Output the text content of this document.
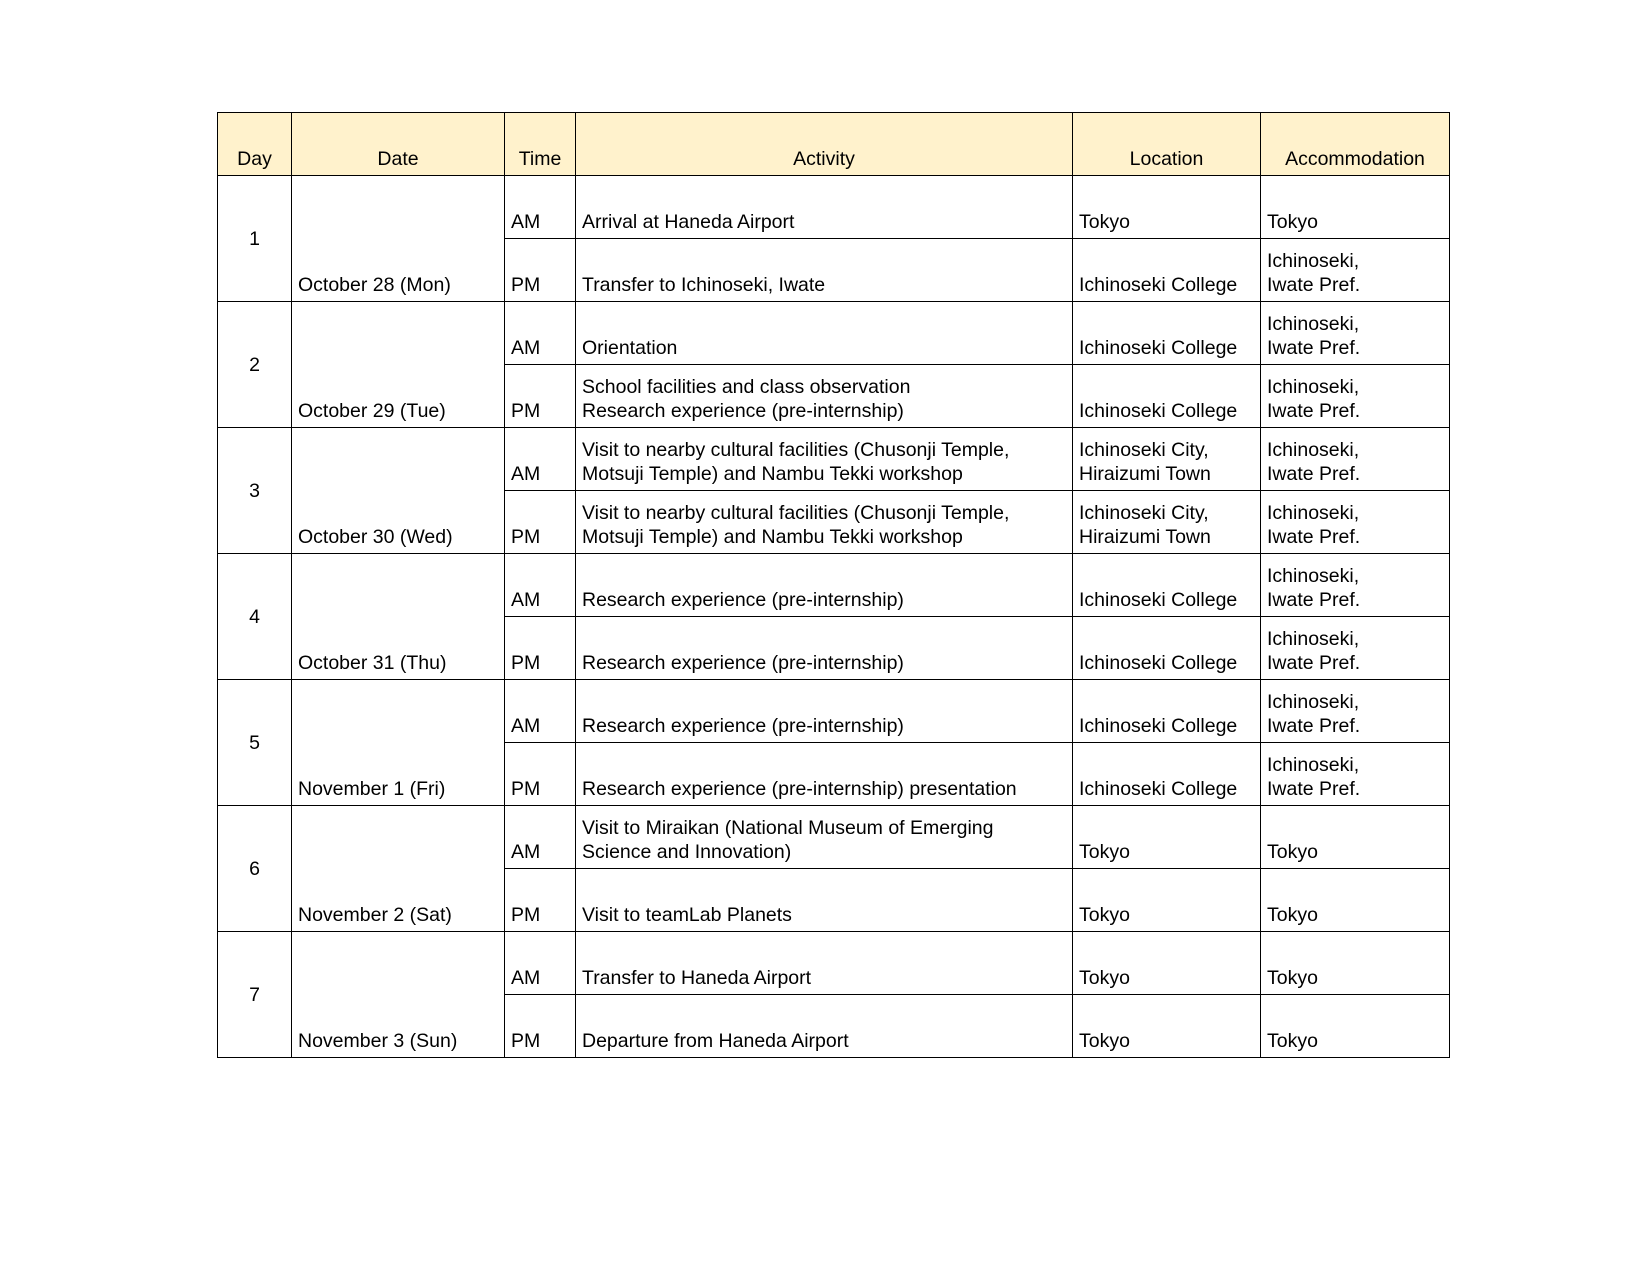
Day	Date	Time	Activity	Location	Accommodation
1	October 28 (Mon)	AM	Arrival at Haneda Airport	Tokyo	Tokyo

		PM	Transfer to Ichinoseki, Iwate	Ichinoseki College	Ichinoseki,
Iwate Pref.

2	October 29 (Tue)	AM	Orientation	Ichinoseki College	Ichinoseki,
Iwate Pref.

		PM	School facilities and class observation
Research experience (pre-internship)	Ichinoseki College	Ichinoseki,
Iwate Pref.

3	October 30 (Wed)	AM	Visit to nearby cultural facilities (Chusonji Temple,
Motsuji Temple) and Nambu Tekki workshop	Ichinoseki City,
Hiraizumi Town	Ichinoseki,
Iwate Pref.

		PM	Visit to nearby cultural facilities (Chusonji Temple,
Motsuji Temple) and Nambu Tekki workshop	Ichinoseki City,
Hiraizumi Town	Ichinoseki,
Iwate Pref.

4	October 31 (Thu)	AM	Research experience (pre-internship)	Ichinoseki College	Ichinoseki,
Iwate Pref.

		PM	Research experience (pre-internship)	Ichinoseki College	Ichinoseki,
Iwate Pref.

5	November 1 (Fri)	AM	Research experience (pre-internship)	Ichinoseki College	Ichinoseki,
Iwate Pref.

		PM	Research experience (pre-internship) presentation	Ichinoseki College	Ichinoseki,
Iwate Pref.

6	November 2 (Sat)	AM	Visit to Miraikan (National Museum of Emerging
Science and Innovation)	Tokyo	Tokyo

		PM	Visit to teamLab Planets	Tokyo	Tokyo

7	November 3 (Sun)	AM	Transfer to Haneda Airport	Tokyo	Tokyo

		PM	Departure from Haneda Airport	Tokyo	Tokyo
